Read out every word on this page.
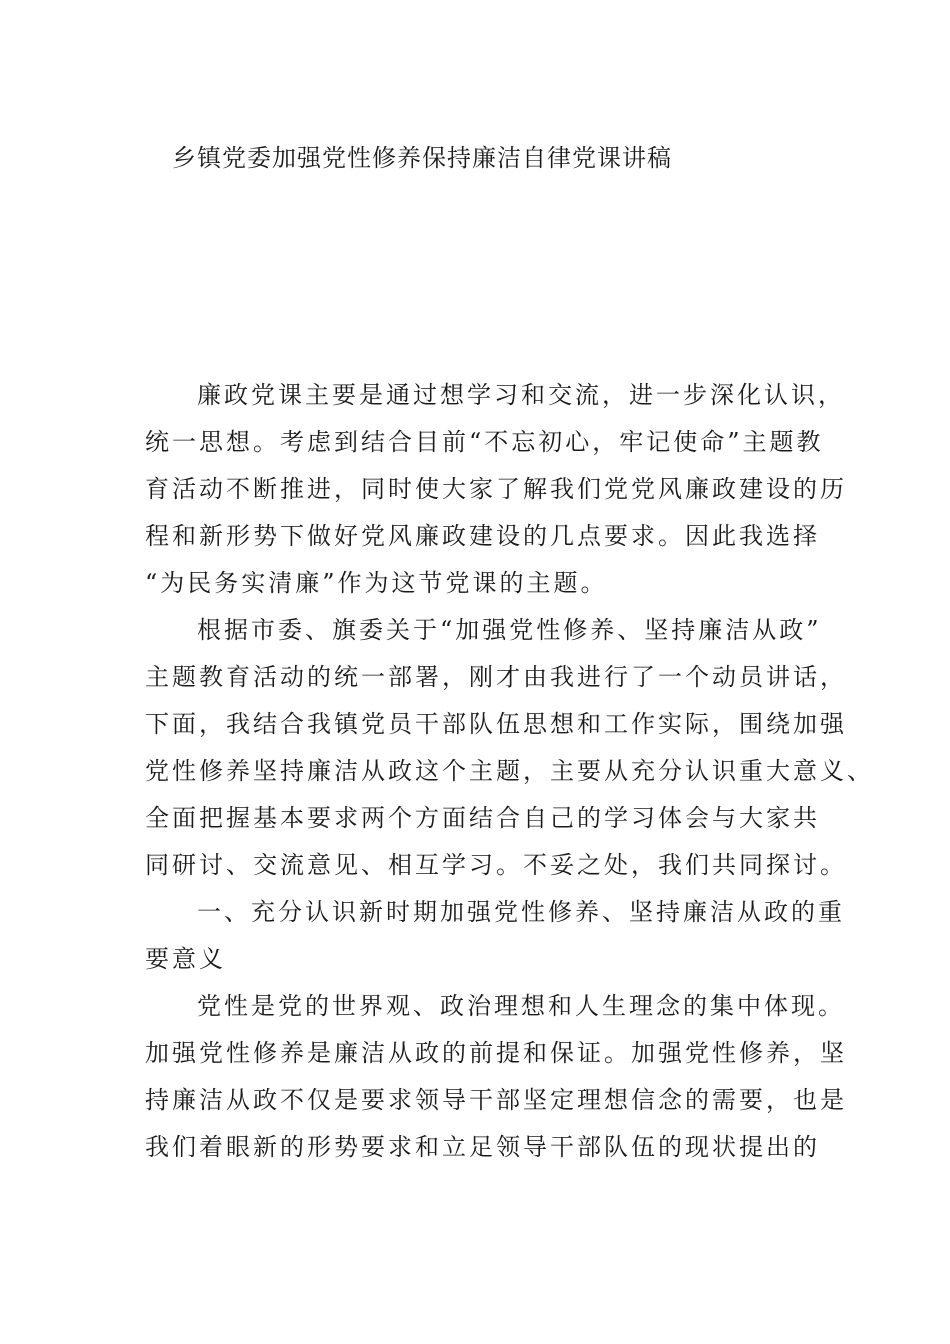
乡镇党委加强党性修养保持廉洁自律党课讲稿
廉政党课主要是通过想学习和交流，进一步深化认识，
统一思想。考虑到结合目前“不忘初心，牢记使命”主题教
育活动不断推进，同时使大家了解我们党党风廉政建设的历
程和新形势下做好党风廉政建设的几点要求。因此我选择
“为民务实清廉”作为这节党课的主题。
根据市委、旗委关于“加强党性修养、坚持廉洁从政”
主题教育活动的统一部署，刚才由我进行了一个动员讲话，
下面，我结合我镇党员干部队伍思想和工作实际，围绕加强
党性修养坚持廉洁从政这个主题，主要从充分认识重大意义、
全面把握基本要求两个方面结合自己的学习体会与大家共
同研讨、交流意见、相互学习。不妥之处，我们共同探讨。
一、充分认识新时期加强党性修养、坚持廉洁从政的重
要意义
党性是党的世界观、政治理想和人生理念的集中体现。
加强党性修养是廉洁从政的前提和保证。加强党性修养，坚
持廉洁从政不仅是要求领导干部坚定理想信念的需要，也是
我们着眼新的形势要求和立足领导干部队伍的现状提出的
